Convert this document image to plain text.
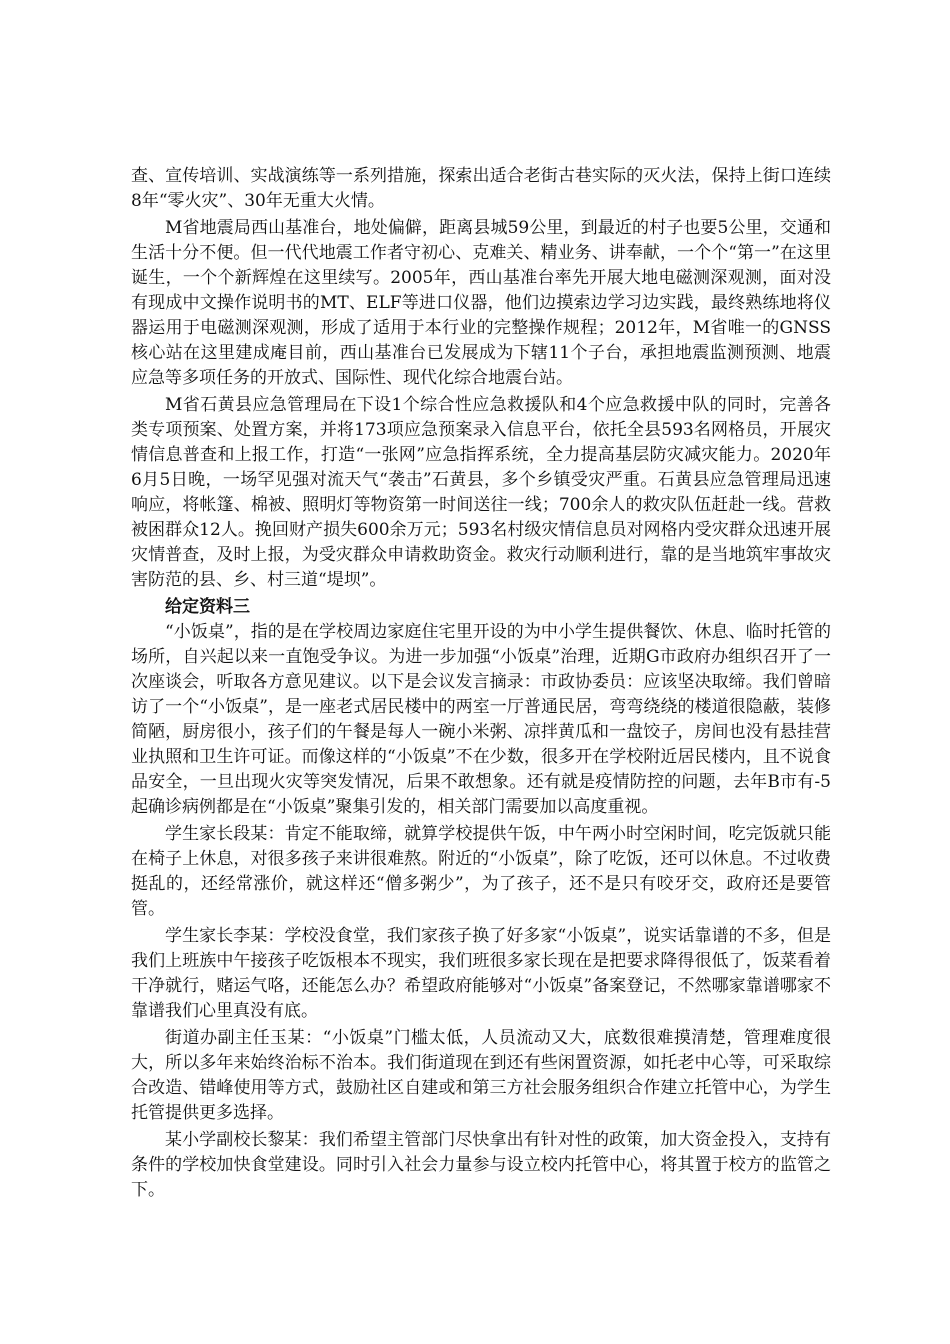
查、宣传培训、实战演练等一系列措施，探索出适合老街古巷实际的灭火法，保持上街口连续8年“零火灾”、30年无重大火情。

M省地震局西山基准台，地处偏僻，距离县城59公里，到最近的村子也要5公里，交通和生活十分不便。但一代代地震工作者守初心、克难关、精业务、讲奉献，一个个“第一”在这里诞生，一个个新辉煌在这里续写。2005年，西山基准台率先开展大地电磁测深观测，面对没有现成中文操作说明书的MT、ELF等进口仪器，他们边摸索边学习边实践，最终熟练地将仪器运用于电磁测深观测，形成了适用于本行业的完整操作规程；2012年，M省唯一的GNSS核心站在这里建成庵目前，西山基准台已发展成为下辖11个子台，承担地震监测预测、地震应急等多项任务的开放式、国际性、现代化综合地震台站。

M省石黄县应急管理局在下设1个综合性应急救援队和4个应急救援中队的同时，完善各类专项预案、处置方案，并将173项应急预案录入信息平台，依托全县593名网格员，开展灾情信息普查和上报工作，打造“一张网”应急指挥系统，全力提高基层防灾减灾能力。2020年6月5日晚，一场罕见强对流天气“袭击”石黄县，多个乡镇受灾严重。石黄县应急管理局迅速响应，将帐篷、棉被、照明灯等物资第一时间送往一线；700余人的救灾队伍赶赴一线。营救被困群众12人。挽回财产损失600余万元；593名村级灾情信息员对网格内受灾群众迅速开展灾情普查，及时上报，为受灾群众申请救助资金。救灾行动顺利进行，靠的是当地筑牢事故灾害防范的县、乡、村三道“堤坝”。

给定资料三

“小饭桌”，指的是在学校周边家庭住宅里开设的为中小学生提供餐饮、休息、临时托管的场所，自兴起以来一直饱受争议。为进一步加强“小饭桌”治理，近期G市政府办组织召开了一次座谈会，听取各方意见建议。以下是会议发言摘录：市政协委员：应该坚决取缔。我们曾暗访了一个“小饭桌”，是一座老式居民楼中的两室一厅普通民居，弯弯绕绕的楼道很隐蔽，装修简陋，厨房很小，孩子们的午餐是每人一碗小米粥、凉拌黄瓜和一盘饺子，房间也没有悬挂营业执照和卫生许可证。而像这样的“小饭桌”不在少数，很多开在学校附近居民楼内，且不说食品安全，一旦出现火灾等突发情况，后果不敢想象。还有就是疫情防控的问题，去年B市有-5起确诊病例都是在“小饭桌”聚集引发的，相关部门需要加以高度重视。

学生家长段某：肯定不能取缔，就算学校提供午饭，中午两小时空闲时间，吃完饭就只能在椅子上休息，对很多孩子来讲很难熬。附近的“小饭桌”，除了吃饭，还可以休息。不过收费挺乱的，还经常涨价，就这样还“僧多粥少”，为了孩子，还不是只有咬牙交，政府还是要管管。

学生家长李某：学校没食堂，我们家孩子换了好多家“小饭桌”，说实话靠谱的不多，但是我们上班族中午接孩子吃饭根本不现实，我们班很多家长现在是把要求降得很低了，饭菜看着干净就行，赌运气咯，还能怎么办？希望政府能够对“小饭桌”备案登记，不然哪家靠谱哪家不靠谱我们心里真没有底。

街道办副主任玉某：“小饭桌”门槛太低，人员流动又大，底数很难摸清楚，管理难度很大，所以多年来始终治标不治本。我们街道现在到还有些闲置资源，如托老中心等，可采取综合改造、错峰使用等方式，鼓励社区自建或和第三方社会服务组织合作建立托管中心，为学生托管提供更多选择。

某小学副校长黎某：我们希望主管部门尽快拿出有针对性的政策，加大资金投入，支持有条件的学校加快食堂建设。同时引入社会力量参与设立校内托管中心，将其置于校方的监管之下。
